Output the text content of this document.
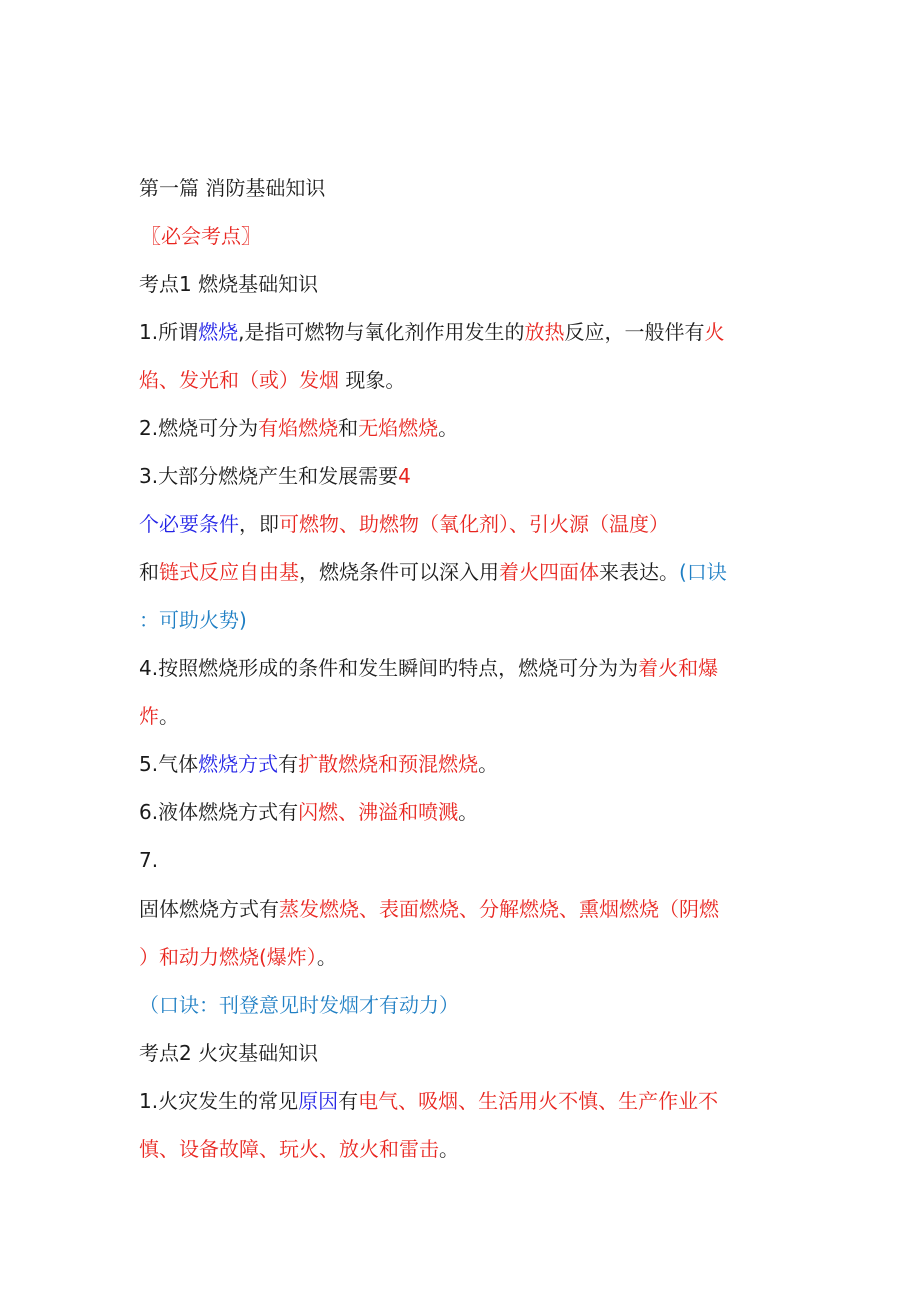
第一篇 消防基础知识
〖必会考点〗
考点1 燃烧基础知识
1.所谓燃烧,是指可燃物与氧化剂作用发生的放热反应，一般伴有火
焰、发光和（或）发烟 现象。
2.燃烧可分为有焰燃烧和无焰燃烧。
3.大部分燃烧产生和发展需要4
个必要条件，即可燃物、助燃物（氧化剂）、引火源（温度）
和链式反应自由基，燃烧条件可以深入用着火四面体来表达。(口诀
：可助火势)
4.按照燃烧形成的条件和发生瞬间旳特点，燃烧可分为为着火和爆
炸。
5.气体燃烧方式有扩散燃烧和预混燃烧。
6.液体燃烧方式有闪燃、沸溢和喷溅。
7.
固体燃烧方式有蒸发燃烧、表面燃烧、分解燃烧、熏烟燃烧（阴燃
）和动力燃烧(爆炸）。
（口诀：刊登意见时发烟才有动力）
考点2 火灾基础知识
1.火灾发生的常见原因有电气、吸烟、生活用火不慎、生产作业不
慎、设备故障、玩火、放火和雷击。
